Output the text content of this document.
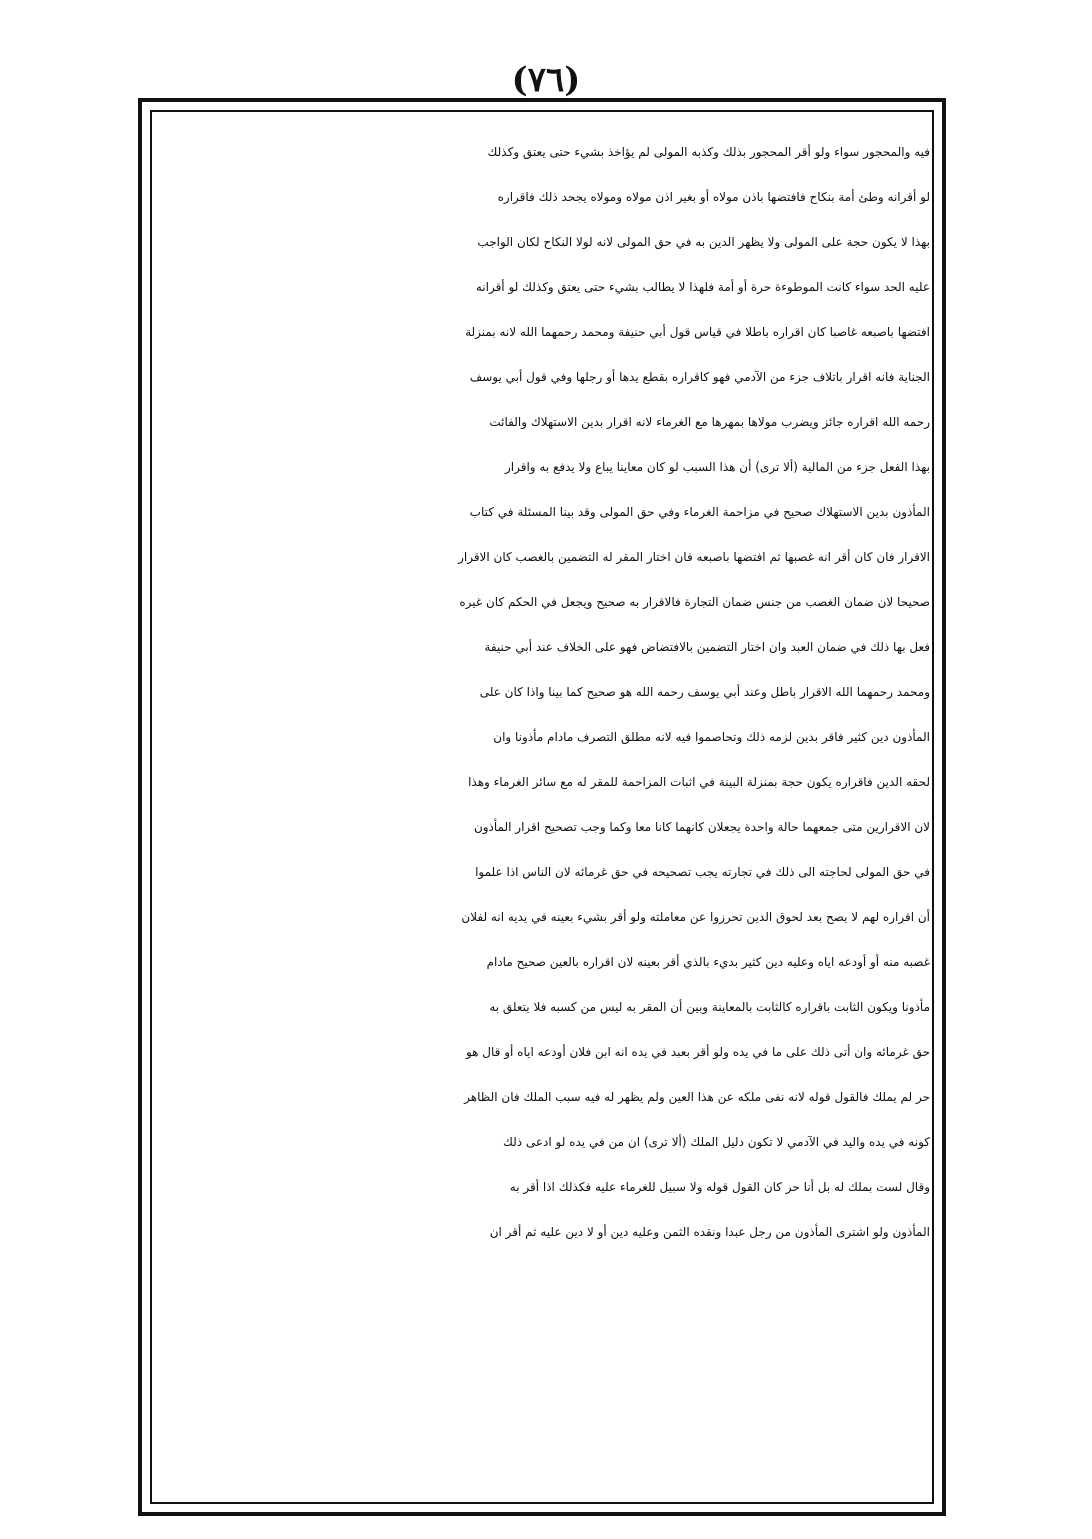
(٧٦)
فيه والمحجور سواء ولو أقر المحجور بذلك وكذبه المولى لم يؤاخذ بشيء حتى يعتق وكذلك
لو أقرانه وطئ أمة بنكاح فافتضها باذن مولاه أو بغير اذن مولاه ومولاه يجحد ذلك فاقراره
بهذا لا يكون حجة على المولى ولا يظهر الدين به في حق المولى لانه لولا النكاح لكان الواجب
عليه الحد سواء كانت الموطوءة حرة أو أمة فلهذا لا يطالب بشيء حتى يعتق وكذلك لو أقرانه
افتضها باصبعه غاصبا كان اقراره باطلا في قياس قول أبي حنيفة ومحمد رحمهما الله لانه بمنزلة
الجناية فانه اقرار باتلاف جزء من الآدمي فهو كاقراره بقطع يدها أو رجلها وفي قول أبي يوسف
رحمه الله اقراره جائز ويضرب مولاها بمهرها مع الغرماء لانه اقرار بدين الاستهلاك والفائت
بهذا الفعل جزء من المالية (ألا ترى) أن هذا السبب لو كان معاينا يباع ولا يدفع به واقرار
المأذون بدين الاستهلاك صحيح في مزاحمة الغرماء وفي حق المولى وقد بينا المسئلة في كتاب
الاقرار فان كان أقر انه غصبها ثم افتضها باصبعه فان اختار المقر له التضمين بالغصب كان الاقرار
صحيحا لان ضمان الغصب من جنس ضمان التجارة فالاقرار به صحيح ويجعل في الحكم كان غيره
فعل بها ذلك في ضمان العبد وان اختار التضمين بالافتضاض فهو على الخلاف عند أبي حنيفة
ومحمد رحمهما الله الاقرار باطل وعند أبي يوسف رحمه الله هو صحيح كما بينا واذا كان على
المأذون دين كثير فاقر بدين لزمه ذلك وتحاصموا فيه لانه مطلق التصرف مادام مأذونا وان
لحقه الدين فاقراره يكون حجة بمنزلة البينة في اثبات المزاحمة للمقر له مع سائر الغرماء وهذا
لان الاقرارين متى جمعهما حالة واحدة يجعلان كانهما كانا معا وكما وجب تصحيح اقرار المأذون
في حق المولى لحاجته الى ذلك في تجارته يجب تصحيحه في حق غرمائه لان الناس اذا علموا
أن اقراره لهم لا يصح بعد لحوق الدين تحرزوا عن معاملته ولو أقر بشيء بعينه في يديه انه لفلان
غصبه منه أو أودعه اياه وعليه دين كثير بديء بالذي أقر بعينه لان اقراره بالعين صحيح مادام
مأذونا ويكون الثابت باقراره كالثابت بالمعاينة وبين أن المقر به ليس من كسبه فلا يتعلق به
حق غرمائه وان أتى ذلك على ما في يده ولو أقر بعبد في يده انه ابن فلان أودعه اياه أو قال هو
حر لم يملك فالقول قوله لانه نفى ملكه عن هذا العين ولم يظهر له فيه سبب الملك فان الظاهر
كونه في يده واليد في الآدمي لا تكون دليل الملك (ألا ترى) ان من في يده لو ادعى ذلك
وقال لست بملك له بل أنا حر كان القول قوله ولا سبيل للغرماء عليه فكذلك اذا أقر به
المأذون ولو اشترى المأذون من رجل عبدا ونقده الثمن وعليه دين أو لا دين عليه ثم أقر ان
